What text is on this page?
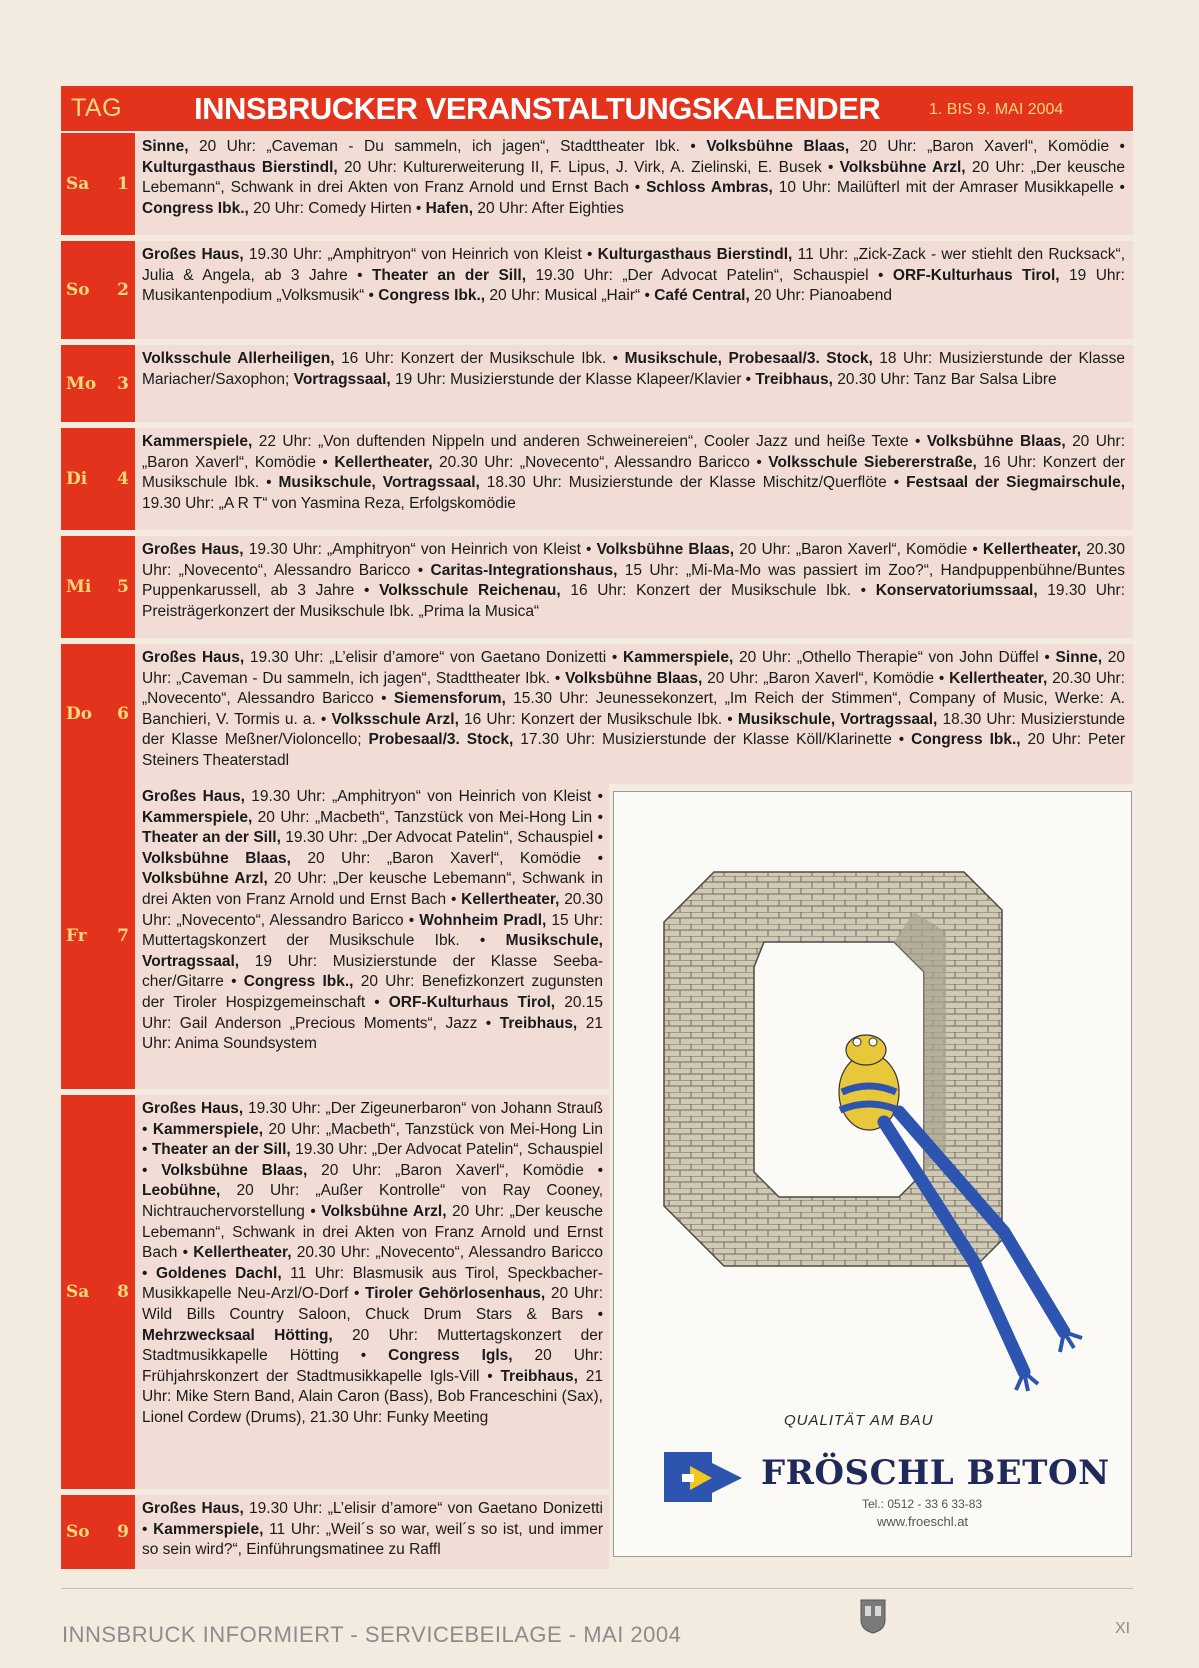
TAG INNSBRUCKER VERANSTALTUNGSKALENDER	1. BIS 9. MAI 2004
Sa 1
Sinne, 20 Uhr: „Caveman - Du sammeln, ich jagen“, Stadttheater Ibk. • Volksbühne Blaas, 20 Uhr: „Baron Xaverl“, Komödie • Kulturgasthaus Bierstindl, 20 Uhr: Kulturerweiterung II, F. Lipus, J. Virk, A. Zielinski, E. Busek • Volksbühne Arzl, 20 Uhr: „Der keusche Lebemann“, Schwank in drei Akten von Franz Arnold und Ernst Bach • Schloss Ambras, 10 Uhr: Mailüfterl mit der Amraser Musikkapelle • Congress Ibk., 20 Uhr: Comedy Hirten • Hafen, 20 Uhr: After Eighties
So 2
Großes Haus, 19.30 Uhr: „Amphitryon“ von Heinrich von Kleist • Kulturgasthaus Bierstindl, 11 Uhr: „Zick-Zack - wer stiehlt den Rucksack“, Julia & Angela, ab 3 Jahre • Theater an der Sill, 19.30 Uhr: „Der Advocat Patelin“, Schauspiel • ORF-Kulturhaus Tirol, 19 Uhr: Musikantenpodium „Volksmusik“ • Congress Ibk., 20 Uhr: Musical „Hair“ • Café Central, 20 Uhr: Pianoabend
Mo 3
Volksschule Allerheiligen, 16 Uhr: Konzert der Musikschule Ibk. • Musikschule, Probesaal/3. Stock, 18 Uhr: Musizierstunde der Klasse Mariacher/Saxophon; Vortragssaal, 19 Uhr: Musizierstunde der Klasse Klapeer/Klavier • Treibhaus, 20.30 Uhr: Tanz Bar Salsa Libre
Di 4
Kammerspiele, 22 Uhr: „Von duftenden Nippeln und anderen Schweinereien“, Cooler Jazz und heiße Texte • Volksbühne Blaas, 20 Uhr: „Baron Xaverl“, Komödie • Kellertheater, 20.30 Uhr: „Novecento“, Alessandro Baricco • Volksschule Siebererstraße, 16 Uhr: Konzert der Musikschule Ibk. • Musikschule, Vortragssaal, 18.30 Uhr: Musizierstunde der Klasse Mischitz/Querflöte • Festsaal der Siegmairschule, 19.30 Uhr: „A R T“ von Yasmina Reza, Erfolgskomödie
Mi 5
Großes Haus, 19.30 Uhr: „Amphitryon“ von Heinrich von Kleist • Volksbühne Blaas, 20 Uhr: „Baron Xaverl“, Komödie • Kellertheater, 20.30 Uhr: „Novecento“, Alessandro Baricco • Caritas-Integrationshaus, 15 Uhr: „Mi-Ma-Mo was passiert im Zoo?“, Handpuppenbühne/Buntes Puppenkarussell, ab 3 Jahre • Volksschule Reichenau, 16 Uhr: Konzert der Musikschule Ibk. • Konservatoriumssaal, 19.30 Uhr: Preisträgerkonzert der Musikschule Ibk. „Prima la Musica“
Do 6
Großes Haus, 19.30 Uhr: „L’elisir d’amore“ von Gaetano Donizetti • Kammerspiele, 20 Uhr: „Othello Therapie“ von John Düffel • Sinne, 20 Uhr: „Caveman - Du sammeln, ich jagen“, Stadttheater Ibk. • Volksbühne Blaas, 20 Uhr: „Baron Xaverl“, Komödie • Kellertheater, 20.30 Uhr: „Novecento“, Alessandro Baricco • Siemensforum, 15.30 Uhr: Jeunessekonzert, „Im Reich der Stimmen“, Company of Music, Werke: A. Banchieri, V. Tormis u. a. • Volksschule Arzl, 16 Uhr: Konzert der Musikschule Ibk. • Musikschule, Vortragssaal, 18.30 Uhr: Musizierstunde der Klasse Meßner/Violoncello; Probesaal/3. Stock, 17.30 Uhr: Musizierstunde der Klasse Köll/Klarinette • Congress Ibk., 20 Uhr: Peter Steiners Theaterstadl
Fr 7
Großes Haus, 19.30 Uhr: „Amphitryon“ von Heinrich von Kleist • Kammerspiele, 20 Uhr: „Macbeth“, Tanzstück von Mei-Hong Lin • Theater an der Sill, 19.30 Uhr: „Der Advocat Patelin“, Schauspiel • Volksbühne Blaas, 20 Uhr: „Baron Xaverl“, Komödie • Volksbühne Arzl, 20 Uhr: „Der keusche Lebemann“, Schwank in drei Akten von Franz Arnold und Ernst Bach • Kellertheater, 20.30 Uhr: „Novecento“, Alessandro Baricco • Wohnheim Pradl, 15 Uhr: Muttertagskonzert der Musikschule Ibk. • Musikschule, Vortragssaal, 19 Uhr: Musizierstunde der Klasse Seebacher/Gitarre • Congress Ibk., 20 Uhr: Benefizkonzert zugunsten der Tiroler Hospizgemeinschaft • ORF-Kulturhaus Tirol, 20.15 Uhr: Gail Anderson „Precious Moments“, Jazz • Treibhaus, 21 Uhr: Anima Soundsystem
Sa 8
Großes Haus, 19.30 Uhr: „Der Zigeunerbaron“ von Johann Strauß • Kammerspiele, 20 Uhr: „Macbeth“, Tanzstück von Mei-Hong Lin • Theater an der Sill, 19.30 Uhr: „Der Advocat Patelin“, Schauspiel • Volksbühne Blaas, 20 Uhr: „Baron Xaverl“, Komödie • Leobühne, 20 Uhr: „Außer Kontrolle“ von Ray Cooney, Nichtrauchervorstellung • Volksbühne Arzl, 20 Uhr: „Der keusche Lebemann“, Schwank in drei Akten von Franz Arnold und Ernst Bach • Kellertheater, 20.30 Uhr: „Novecento“, Alessandro Baricco • Goldenes Dachl, 11 Uhr: Blasmusik aus Tirol, Speckbacher-Musikkapelle Neu-Arzl/O-Dorf • Tiroler Gehörlosenhaus, 20 Uhr: Wild Bills Country Saloon, Chuck Drum Stars & Bars • Mehrzwecksaal Hötting, 20 Uhr: Muttertagskonzert der Stadtmusikkapelle Hötting • Congress Igls, 20 Uhr: Frühjahrskonzert der Stadtmusikkapelle Igls-Vill • Treibhaus, 21 Uhr: Mike Stern Band, Alain Caron (Bass), Bob Franceschini (Sax), Lionel Cordew (Drums), 21.30 Uhr: Funky Meeting
So 9
Großes Haus, 19.30 Uhr: „L’elisir d’amore“ von Gaetano Donizetti • Kammerspiele, 11 Uhr: „Weil´s so war, weil´s so ist, und immer so sein wird?“, Einführungsmatinee zu Raffl
QUALITÄT AM BAU
FRÖSCHL BETON
Tel.: 0512 - 33 6 33-83
www.froeschl.at
INNSBRUCK INFORMIERT - SERVICEBEILAGE - MAI 2004	XI
